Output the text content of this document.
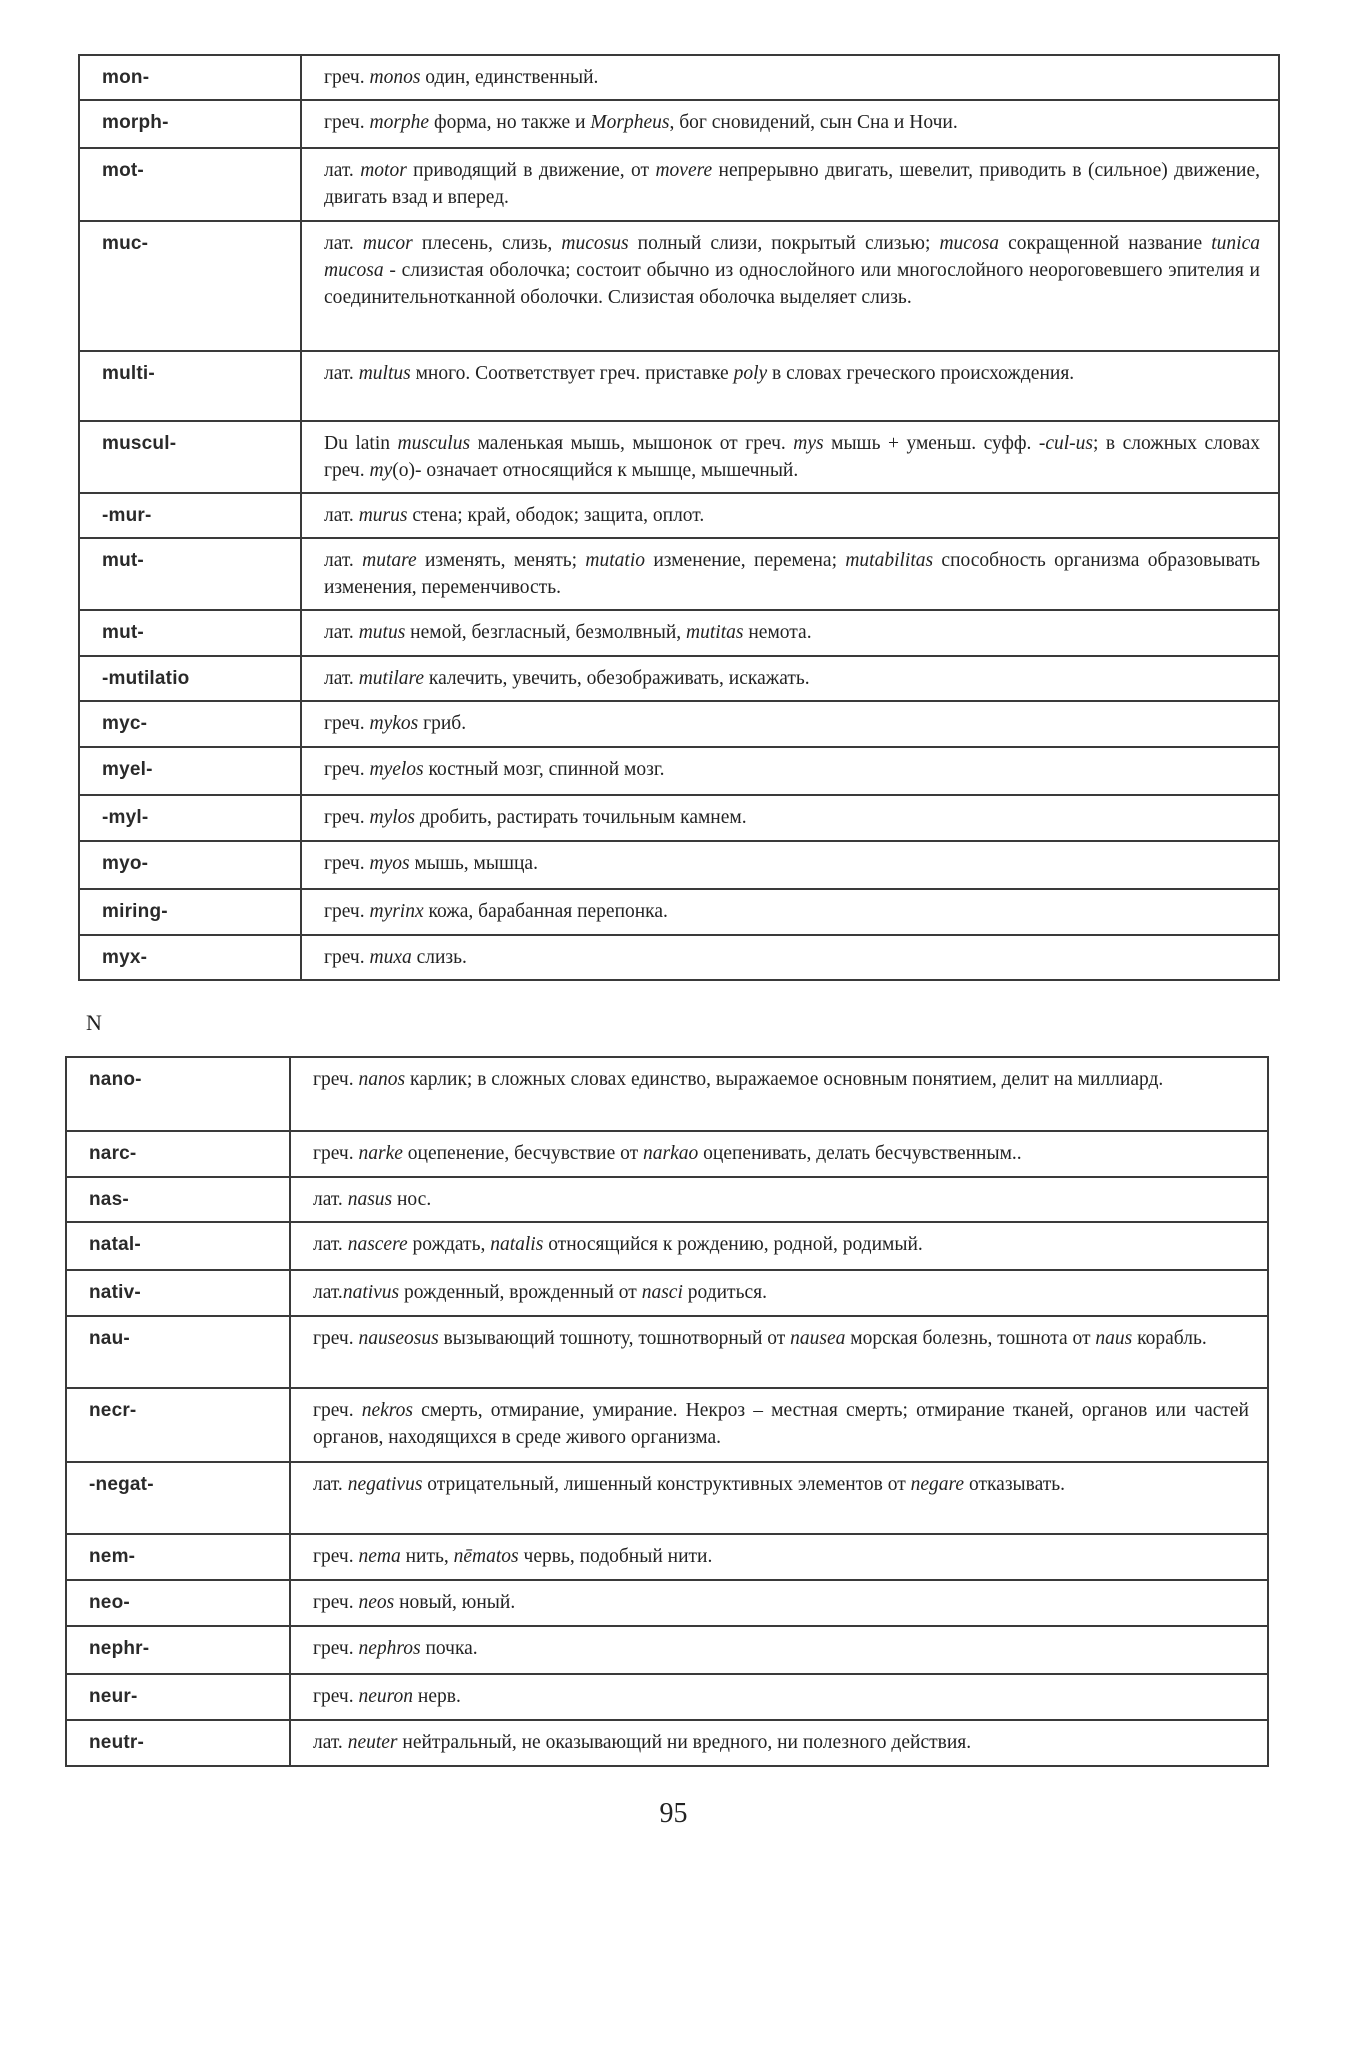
mon-	греч. monos один, единственный.
morph-	греч. morphe форма, но также и Morpheus, бог сновидений, сын Сна и Ночи.
mot-	лат. motor приводящий в движение, от movere непрерывно двигать, шевелит, приводить в (сильное) движение, двигать взад и вперед.
muc-	лат. mucor плесень, слизь, mucosus полный слизи, покрытый слизью; mucosa сокращенной название tunica mucosa - слизистая оболочка; состоит обычно из однослойного или многослойного неороговевшего эпителия и соединительнотканной оболочки. Слизистая оболочка выделяет слизь.
multi-	лат. multus много. Соответствует греч. приставке poly в словах греческого происхождения.
muscul-	Du latin musculus маленькая мышь, мышонок от греч. mys мышь + уменьш. суфф. -cul-us; в сложных словах греч. my(о)- означает относящийся к мышце, мышечный.
-mur-	лат. murus стена; край, ободок; защита, оплот.
mut-	лат. mutare изменять, менять; mutatio изменение, перемена; mutabilitas способность организма образовывать изменения, переменчивость.
mut-	лат. mutus немой, безгласный, безмолвный, mutitas немота.
-mutilatio	лат. mutilare калечить, увечить, обезображивать, искажать.
myc-	греч. mykos гриб.
myel-	греч. myelos костный мозг, спинной мозг.
-myl-	греч. mylos дробить, растирать точильным камнем.
myo-	греч. myos мышь, мышца.
miring-	греч. myrinx кожа, барабанная перепонка.
myx-	греч. muxa слизь.
N
nano-	греч. nanos карлик; в сложных словах единство, выражаемое основным понятием, делит на миллиард.
narc-	греч. narke оцепенение, бесчувствие от narkao оцепенивать, делать бесчувственным..
nas-	лат. nasus нос.
natal-	лат. nascere рождать, natalis относящийся к рождению, родной, родимый.
nativ-	лат.nativus рожденный, врожденный от nasci родиться.
nau-	греч. nauseosus вызывающий тошноту, тошнотворный от nausea морская болезнь, тошнота от naus корабль.
necr-	греч. nekros смерть, отмирание, умирание. Некроз – местная смерть; отмирание тканей, органов или частей органов, находящихся в среде живого организма.
-negat-	лат. negativus отрицательный, лишенный конструктивных элементов от negare отказывать.
nem-	греч. nema нить, nēmatos червь, подобный нити.
neo-	греч. neos новый, юный.
nephr-	греч. nephros почка.
neur-	греч. neuron нерв.
neutr-	лат. neuter нейтральный, не оказывающий ни вредного, ни полезного действия.
95
